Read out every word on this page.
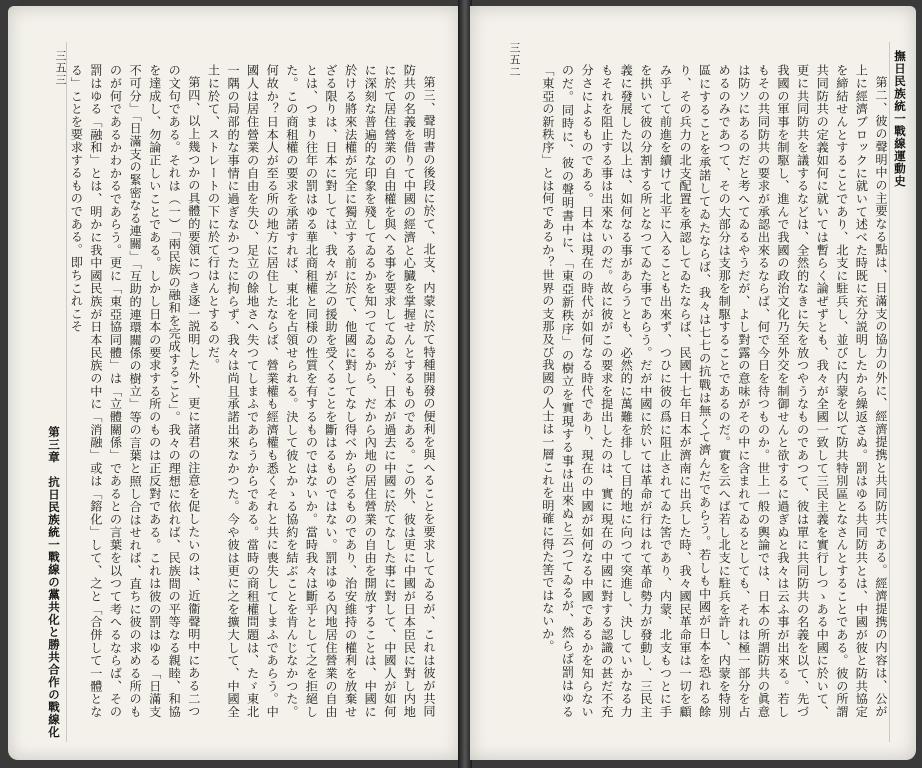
三五三
第三章　抗日民族統一戰線の黨共化と勝共合作の戰線化	第三、聲明書の後段に於て、北支、内蒙に於て特種開發の便利を與へることを要求してゐるが、これは彼が共同防共の名義を借りて中國の經濟と心臓を掌握せんとするものである。この外、彼は更に中國が日本臣民に對し内地に於て居住營業の自由權を與へる事を要求してゐるが、日本が過去に中國に於てなした事に對して、中國人が如何に深刻な普遍的な印象を殘してゐるかを知つてゐるから、だから內地の居住營業の自由を開放することは、中國に於ける將來法權が完全に獨立する前に於て、他國に對してなし得べからざるものであり、治安維持の權利を放棄せざる限りは、日本に對しては、我々が之の援助を受くることを斷はるものではない。罰はゆる內地居住營業の自由とは、つまり往年の罰はゆる華北商租權と同様の性質を有するものではないか。當時我々は斷乎として之を拒絕した。この商租權の要求を承諾すれば、東北を占領せられる。決して彼とかゝる協約を結ぶことを肯んじなかつた。何故か？日本人が至る所の地方に居住したならば、營業權も經濟權も悉くそれと共に喪失してしまふであらう。中國人は居住營業の自由を失ひ、足立の餘地さへ失つてしまふであらうからである。當時の商租權問題は、たゞ東北一隅の局部的な事情に過ぎなかつたに拘らず、我々は尚且承諾出來なかつた。今や彼は更に之を擴大して、中國全土に於て、ストレートの下に於て行はんとするのだ。

第四、以上幾つかの具體的要領につき逐一説明した外、更に諸君の注意を促したいのは、近衞聲明中にある二つの文句である。それは（一）「兩民族の融和を完成すること」。我々の理想に依れば、民族間の平等なる親睦、和協を達成し、勿論正しいことである。しかし日本の要求する所のものは正反對である。これは彼の罰はゆる「日滿支不可分」「日滿支の緊密なる連關」「互助的連環關係の樹立」等の言葉と照し合はせれば、直ちに彼の求める所のものが何であるかわかるであらう。更に「東亞協同體」は「立體關係」であるとの言葉を以つて考へるならば、その罰はゆる「融和」とは、明かに我中國民族が日本民族の中に「消融」或は「鎔化」して、之と「合併して一體となる」ことを要求するものである。即ちこれこそ	撫日民族統一戰線運動史
三五二

第二、彼の聲明中の主要なる點は、日滿支の協力の外に、經濟提携と共同防共である。經濟提携の内容は、公が上に經濟ブロックに就いて述べた時既に充分説明したから繰返さぬ。罰はゆる共同防共とは、中國が彼と防共協定を締結せんとすることであり、北支に駐兵し、並びに内蒙を以て防共特別區となさんとすることである。彼の所謂共同防共の定義如何に就いては暫らく論ぜずとも、我々が全國一致して三民主義を實行しつゝある中國に於いて、更に共同防共を議するなどは、全然的なきに矢を放つやうなものであつて、彼は單に共同防共の名義を以て、先づ我國の軍事を制駆し、進んで我國の政治文化乃至外交を制御せんと欲するに過ぎぬと我々は云ふ事が出來る。若しもその共同防共の要求が承認出來るならば、何で今日を待つものか。世上一般の輿論では、日本の所謂防共の眞意は防ソにあるのだと考へてゐるやうだが、よし對露の意味がその中に含まれてゐるとしても、それは極一部分を占めるのみであつて、その大部分は支那を制駆することであるのだ。實を云へば若し北支に駐兵を許し、内蒙を特別區にすることを承諾してゐたならば、我々は七七の抗戰は無くて濟んだであらう。若しも中國が日本を恐れる餘り、その兵力の北支配置を承認してゐたならば、民國十七年日本が濟南に出兵した時、我々國民革命軍は一切を顧み乎して前進を續けて北平に入ることも出來ず、つひに彼の爲に阻止されてゐた筈であり、内蒙、北支もつとに手を拱いて彼の分割する所となつてゐた事であらう。だが中國に於いては革命が行はれて革命勢力が發動し、三民主義に發展した以上は、如何なる事があらうとも、必然的に萬難を排して目的地に向つて突進し、決していかなる力もそれを阻止する事は出來ないのだ。故に彼がこの要求を提出したのは、實に現在の中國に對する認識の甚だ不充分さによるものである。日本は現在の時代が如何なる時代であり、現在の中國が如何なる中國であるかを知らないのだ。同時に、彼の聲明書中に、「東亞新秩序」の樹立を實現する事は出來ぬと云つてゐるが、然らば罰はゆる「東亞の新秩序」とは何であるか？世界の支那及び我國の人士は一層これを明確に得た筈ではないか。
